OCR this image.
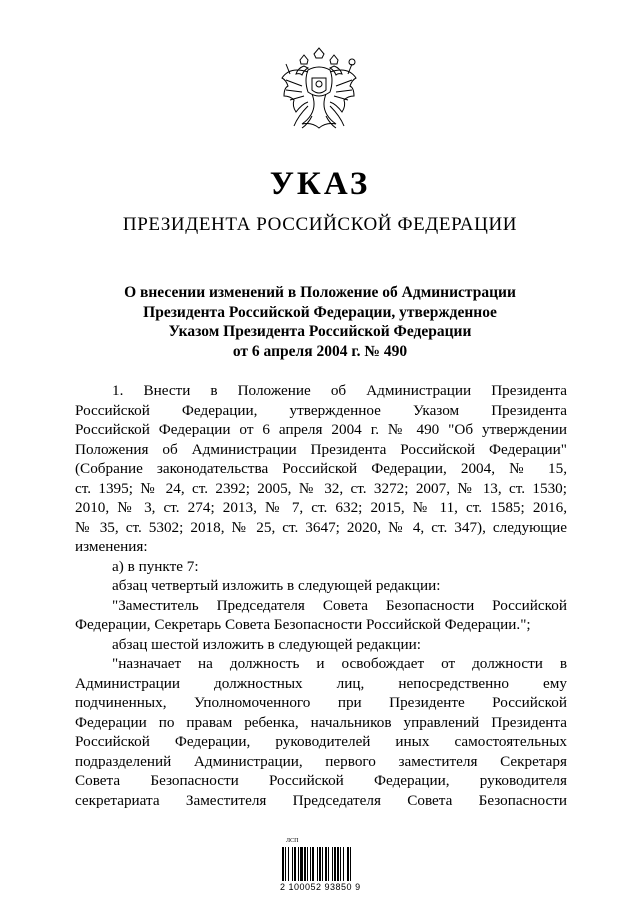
УКАЗ
ПРЕЗИДЕНТА РОССИЙСКОЙ ФЕДЕРАЦИИ
О внесении изменений в Положение об Администрации
Президента Российской Федерации, утвержденное
Указом Президента Российской Федерации
от 6 апреля 2004 г. № 490
1. Внести в Положение об Администрации Президента
Российской Федерации, утвержденное Указом Президента
Российской Федерации от 6 апреля 2004 г. № 490 "Об утверждении
Положения об Администрации Президента Российской Федерации"
(Собрание законодательства Российской Федерации, 2004, № 15,
ст. 1395; № 24, ст. 2392; 2005, № 32, ст. 3272; 2007, № 13, ст. 1530;
2010, № 3, ст. 274; 2013, № 7, ст. 632; 2015, № 11, ст. 1585; 2016,
№ 35, ст. 5302; 2018, № 25, ст. 3647; 2020, № 4, ст. 347), следующие
изменения:
а) в пункте 7:
абзац четвертый изложить в следующей редакции:
"Заместитель Председателя Совета Безопасности Российской
Федерации, Секретарь Совета Безопасности Российской Федерации.";
абзац шестой изложить в следующей редакции:
"назначает на должность и освобождает от должности в
Администрации должностных лиц, непосредственно ему
подчиненных, Уполномоченного при Президенте Российской
Федерации по правам ребенка, начальников управлений Президента
Российской Федерации, руководителей иных самостоятельных
подразделений Администрации, первого заместителя Секретаря
Совета Безопасности Российской Федерации, руководителя
секретариата Заместителя Председателя Совета Безопасности
ЛСП
2 100052 93850 9
